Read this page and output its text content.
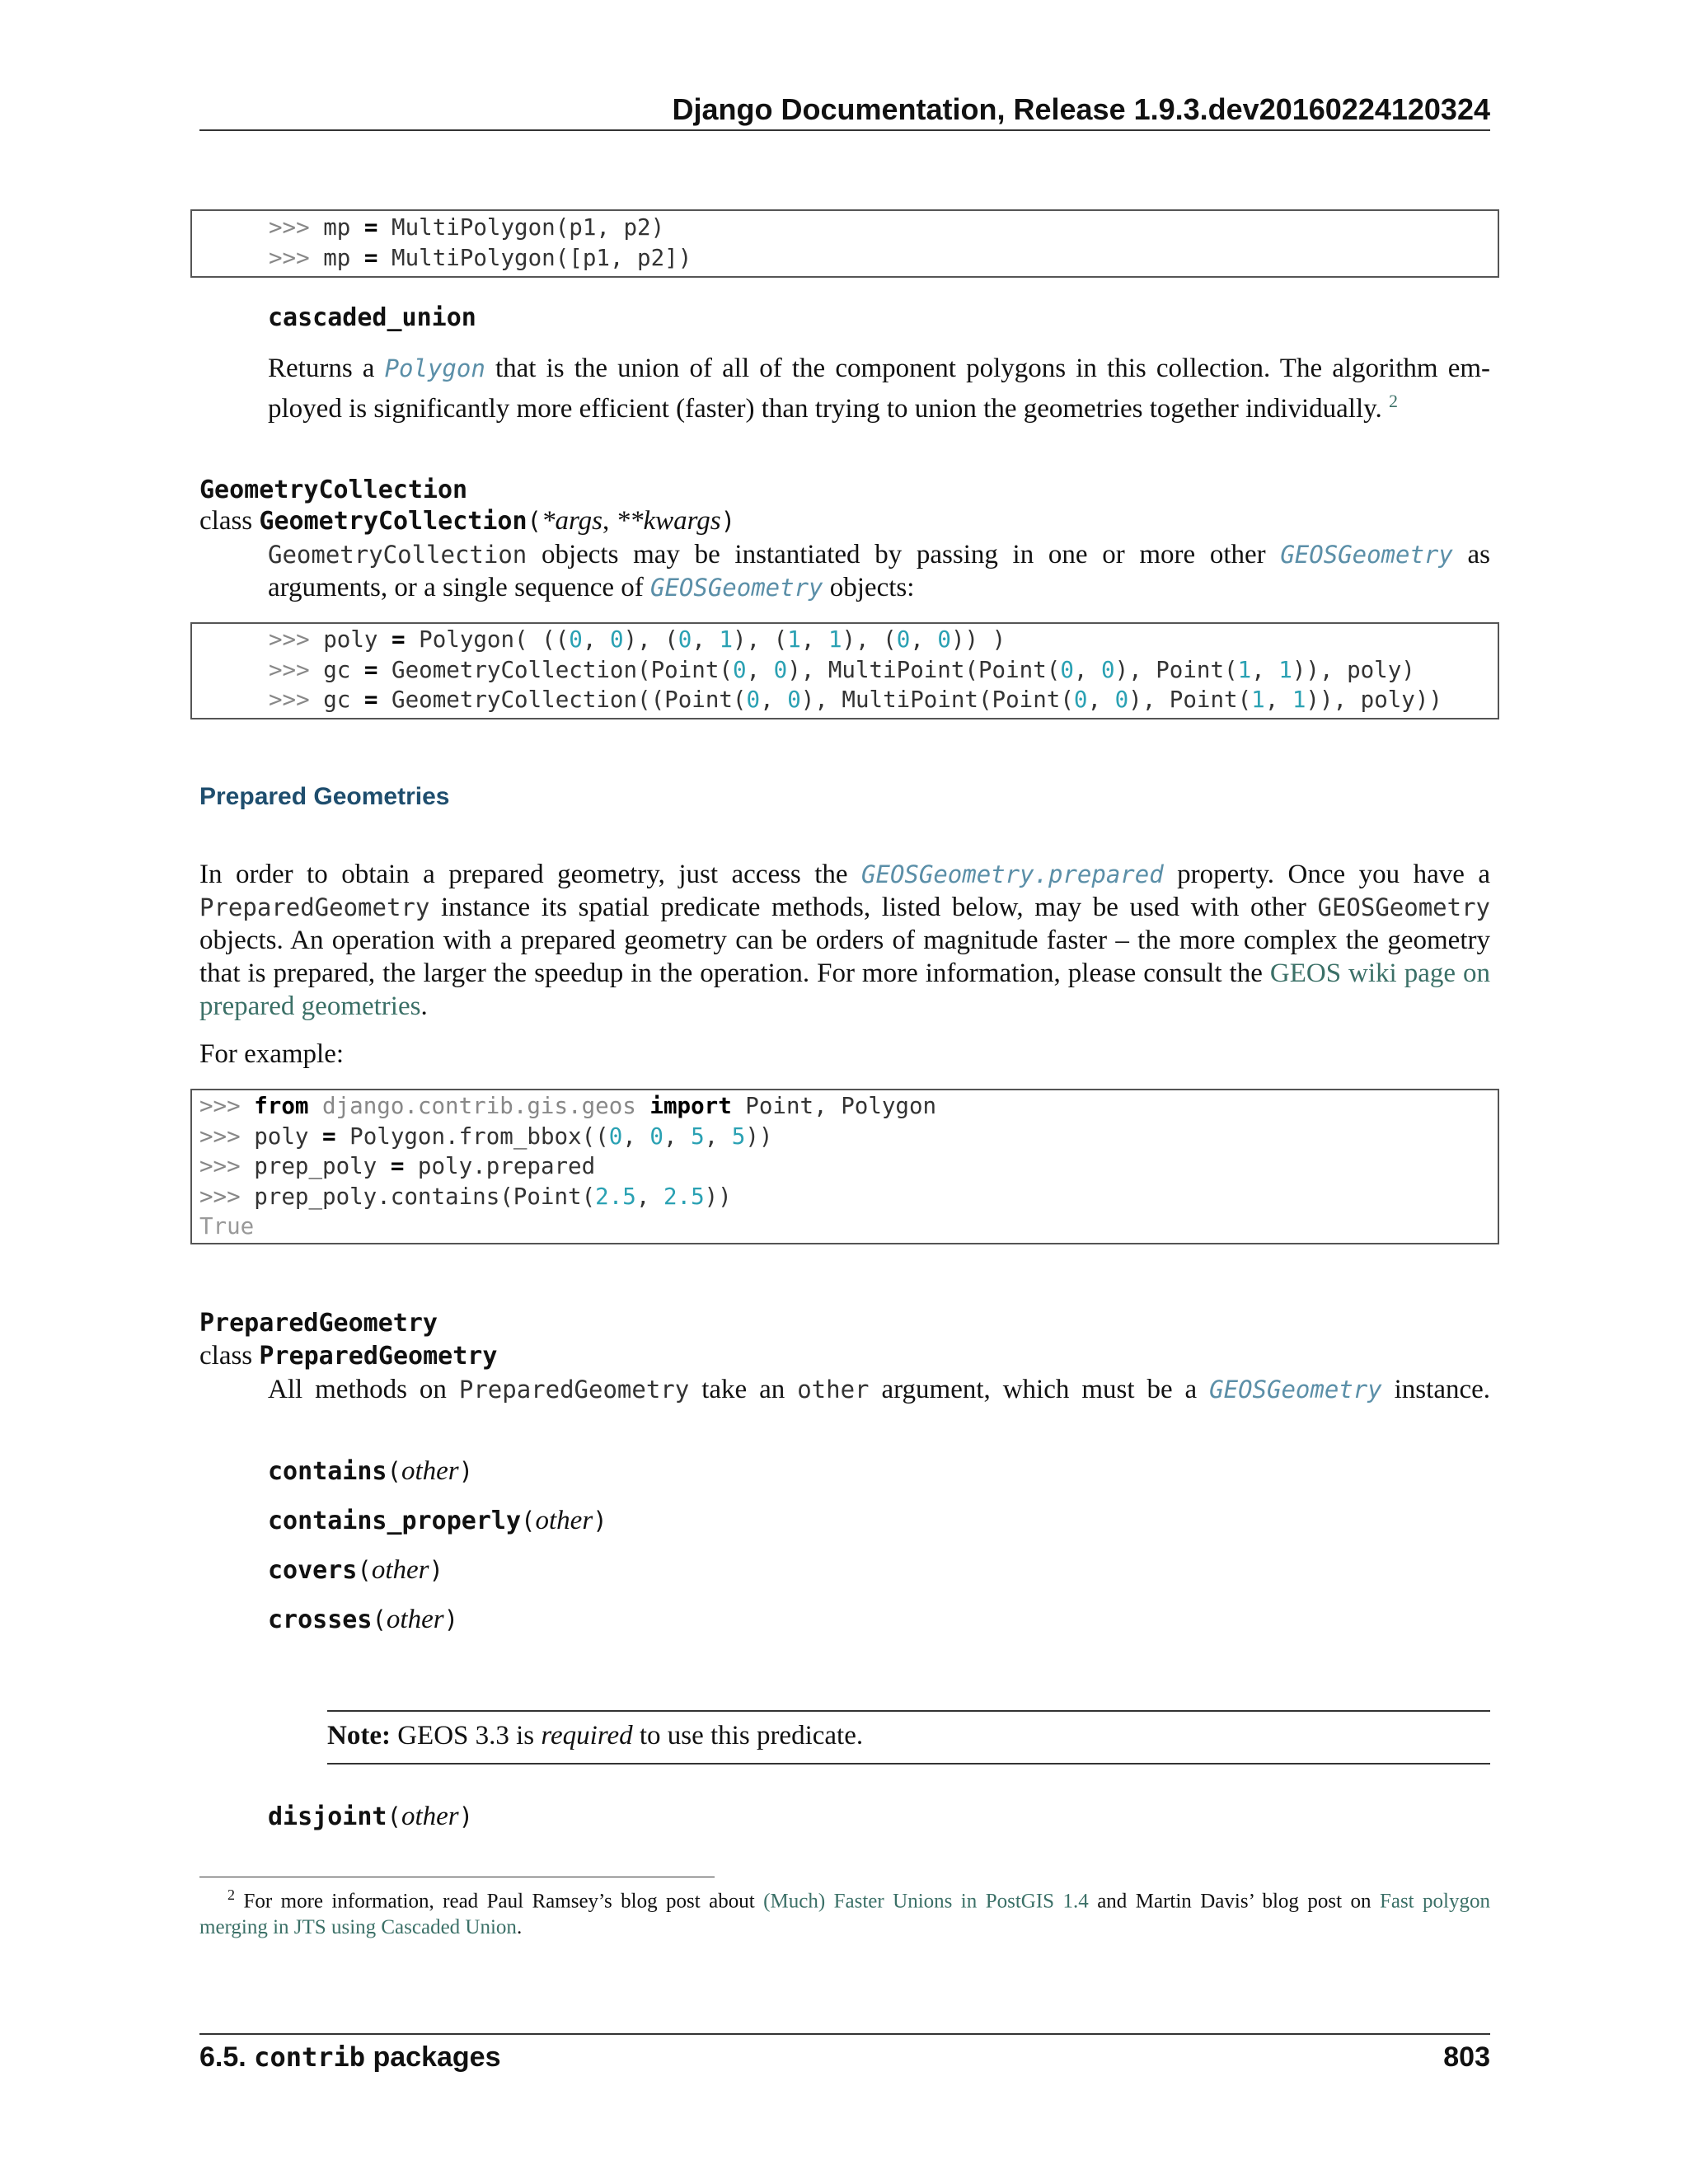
Django Documentation, Release 1.9.3.dev20160224120324
>>> mp = MultiPolygon(p1, p2)
>>> mp = MultiPolygon([p1, p2])
cascaded_union
Returns a Polygon that is the union of all of the component polygons in this collection. The algorithm em-
ployed is significantly more efficient (faster) than trying to union the geometries together individually. $^2$
GeometryCollection
class GeometryCollection(*args, **kwargs)
GeometryCollection objects may be instantiated by passing in one or more other GEOSGeometry as
arguments, or a single sequence of GEOSGeometry objects:
>>> poly = Polygon( ((0, 0), (0, 1), (1, 1), (0, 0)) )
>>> gc = GeometryCollection(Point(0, 0), MultiPoint(Point(0, 0), Point(1, 1)), poly)
>>> gc = GeometryCollection((Point(0, 0), MultiPoint(Point(0, 0), Point(1, 1)), poly))
Prepared Geometries
In order to obtain a prepared geometry, just access the GEOSGeometry.prepared property. Once you have a
PreparedGeometry instance its spatial predicate methods, listed below, may be used with other GEOSGeometry
objects. An operation with a prepared geometry can be orders of magnitude faster – the more complex the geometry
that is prepared, the larger the speedup in the operation. For more information, please consult the GEOS wiki page on
prepared geometries.
For example:
>>> from django.contrib.gis.geos import Point, Polygon
>>> poly = Polygon.from_bbox((0, 0, 5, 5))
>>> prep_poly = poly.prepared
>>> prep_poly.contains(Point(2.5, 2.5))
True
PreparedGeometry
class PreparedGeometry
All methods on PreparedGeometry take an other argument, which must be a GEOSGeometry instance.
contains(other)
contains_properly(other)
covers(other)
crosses(other)
Note: GEOS 3.3 is required to use this predicate.
disjoint(other)
$^2$ For more information, read Paul Ramsey’s blog post about (Much) Faster Unions in PostGIS 1.4 and Martin Davis’ blog post on Fast polygon
merging in JTS using Cascaded Union.
6.5. contrib packages	803
